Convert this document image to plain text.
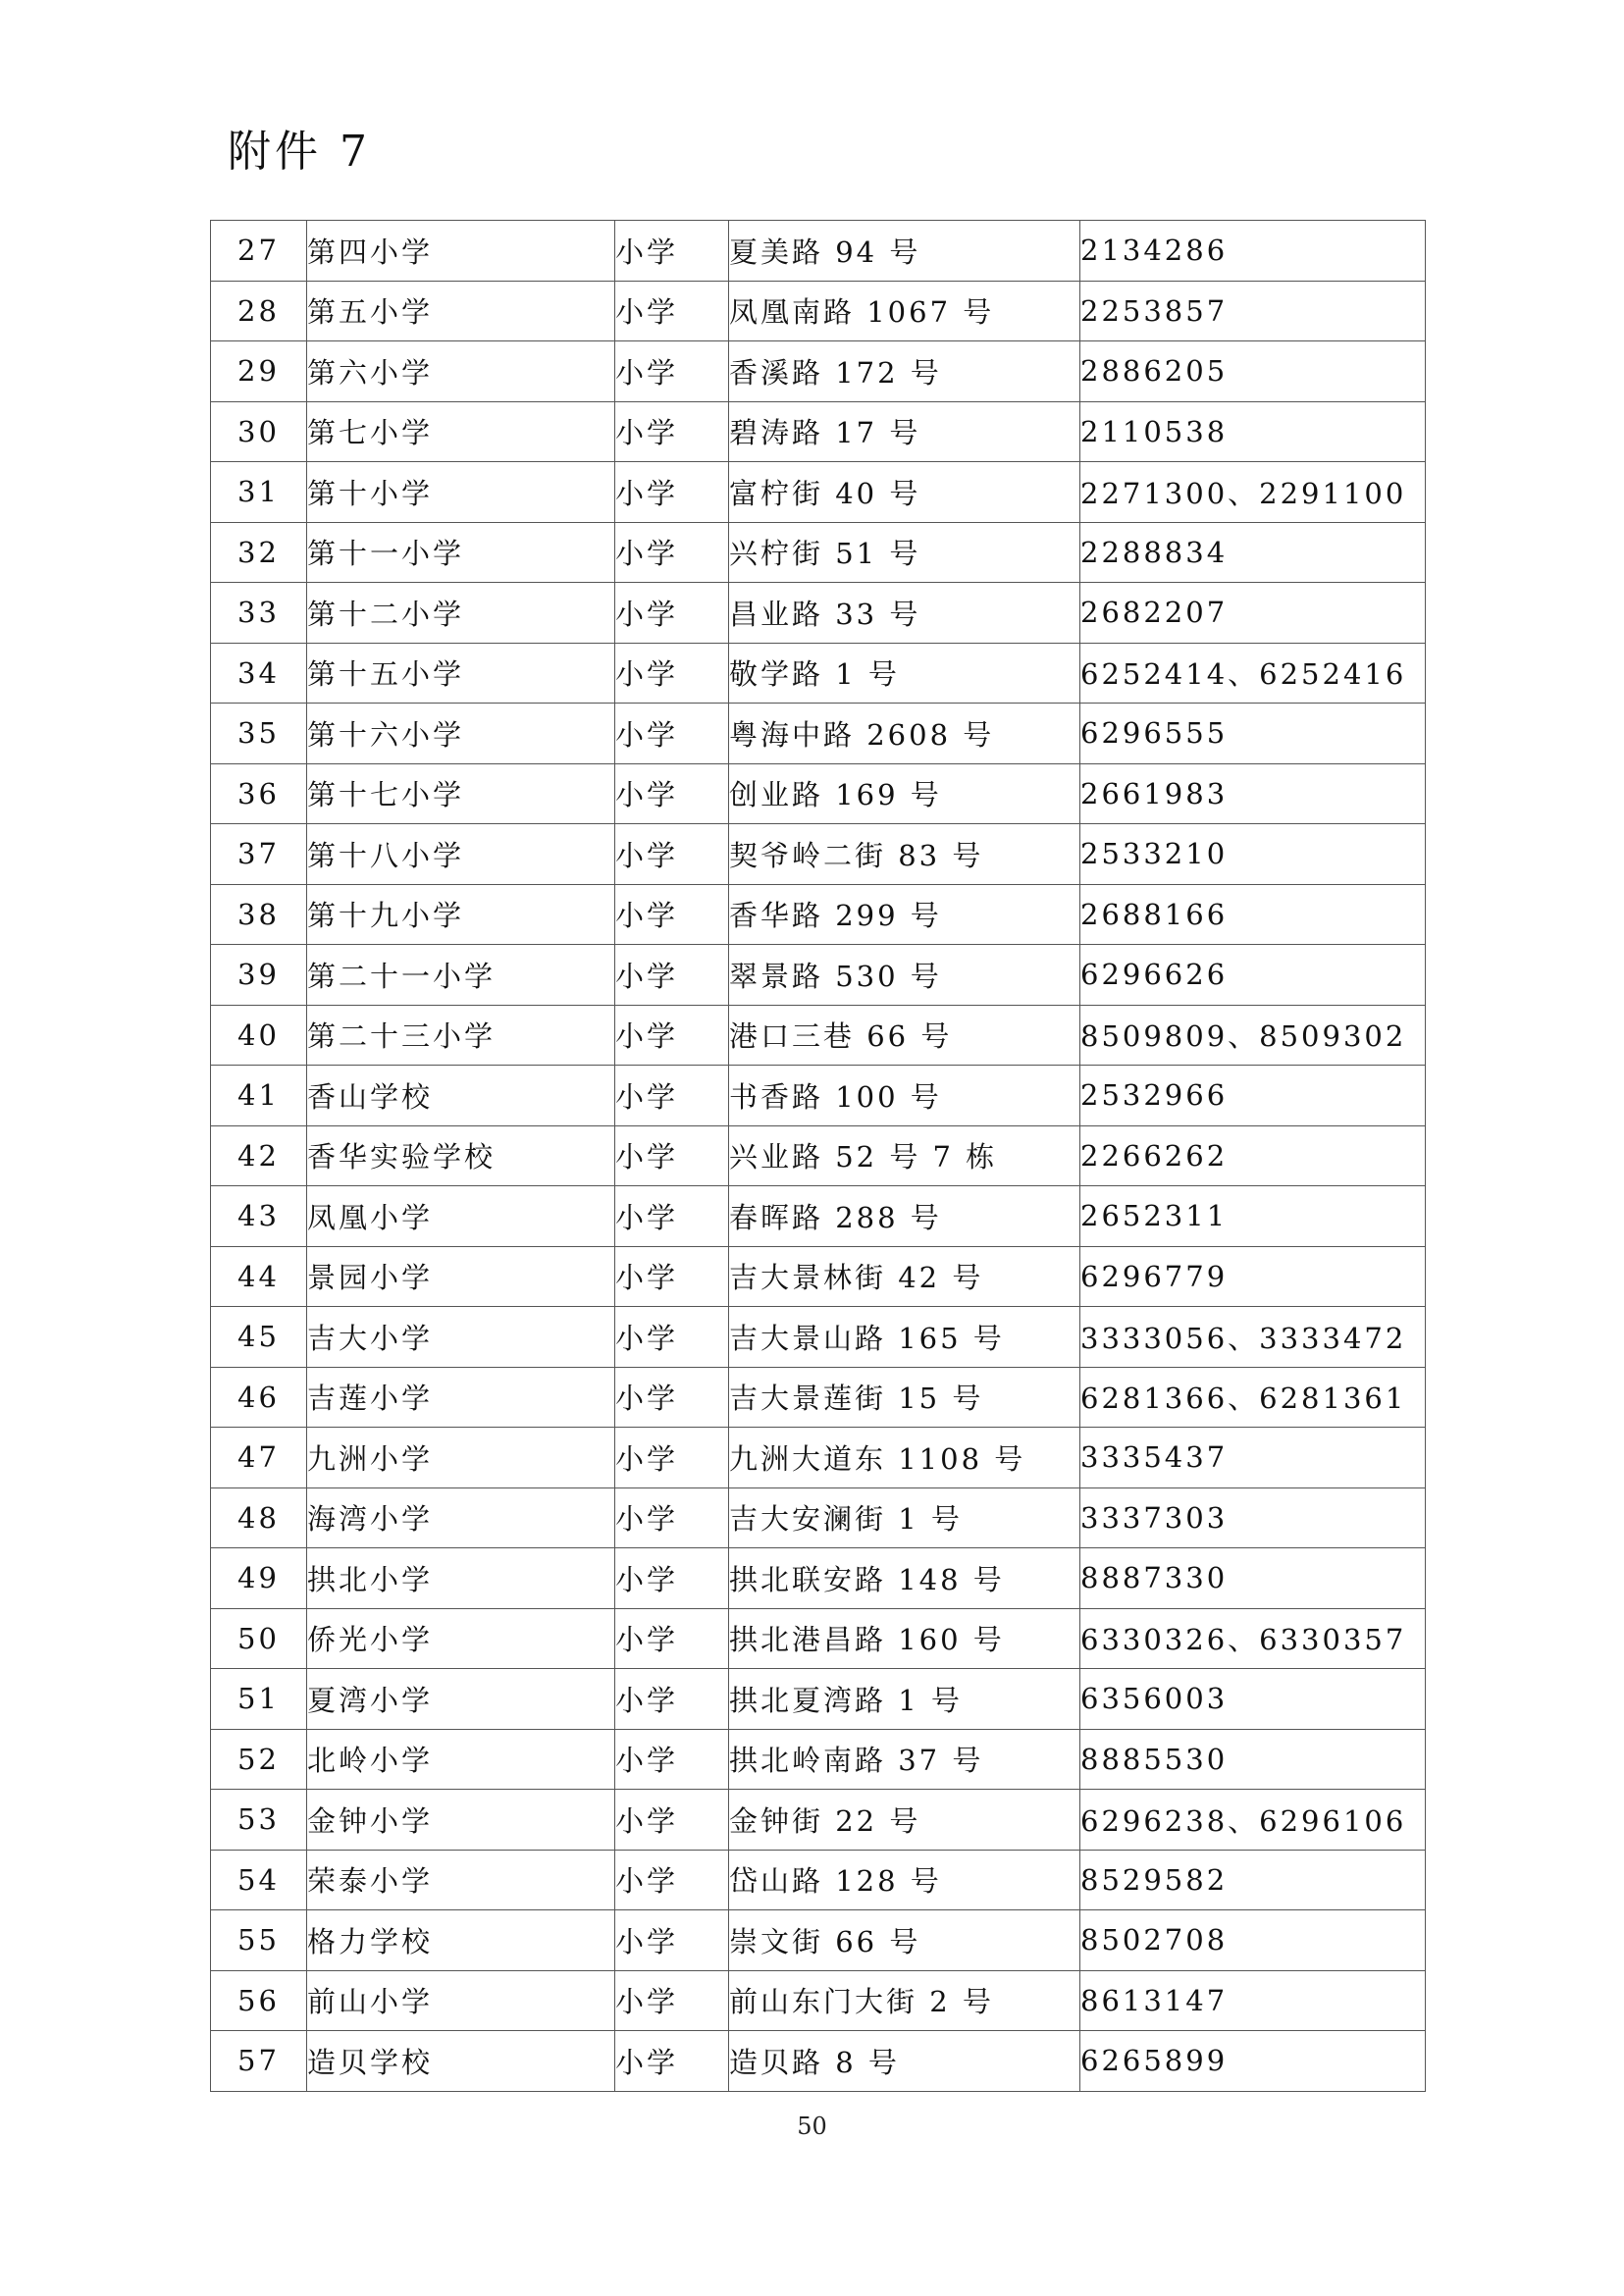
附件 7
27	第四小学	小学	夏美路 94 号	2134286
28	第五小学	小学	凤凰南路 1067 号	2253857
29	第六小学	小学	香溪路 172 号	2886205
30	第七小学	小学	碧涛路 17 号	2110538
31	第十小学	小学	富柠街 40 号	2271300、2291100
32	第十一小学	小学	兴柠街 51 号	2288834
33	第十二小学	小学	昌业路 33 号	2682207
34	第十五小学	小学	敬学路 1 号	6252414、6252416
35	第十六小学	小学	粤海中路 2608 号	6296555
36	第十七小学	小学	创业路 169 号	2661983
37	第十八小学	小学	契爷岭二街 83 号	2533210
38	第十九小学	小学	香华路 299 号	2688166
39	第二十一小学	小学	翠景路 530 号	6296626
40	第二十三小学	小学	港口三巷 66 号	8509809、8509302
41	香山学校	小学	书香路 100 号	2532966
42	香华实验学校	小学	兴业路 52 号 7 栋	2266262
43	凤凰小学	小学	春晖路 288 号	2652311
44	景园小学	小学	吉大景林街 42 号	6296779
45	吉大小学	小学	吉大景山路 165 号	3333056、3333472
46	吉莲小学	小学	吉大景莲街 15 号	6281366、6281361
47	九洲小学	小学	九洲大道东 1108 号	3335437
48	海湾小学	小学	吉大安澜街 1 号	3337303
49	拱北小学	小学	拱北联安路 148 号	8887330
50	侨光小学	小学	拱北港昌路 160 号	6330326、6330357
51	夏湾小学	小学	拱北夏湾路 1 号	6356003
52	北岭小学	小学	拱北岭南路 37 号	8885530
53	金钟小学	小学	金钟街 22 号	6296238、6296106
54	荣泰小学	小学	岱山路 128 号	8529582
55	格力学校	小学	崇文街 66 号	8502708
56	前山小学	小学	前山东门大街 2 号	8613147
57	造贝学校	小学	造贝路 8 号	6265899
50
